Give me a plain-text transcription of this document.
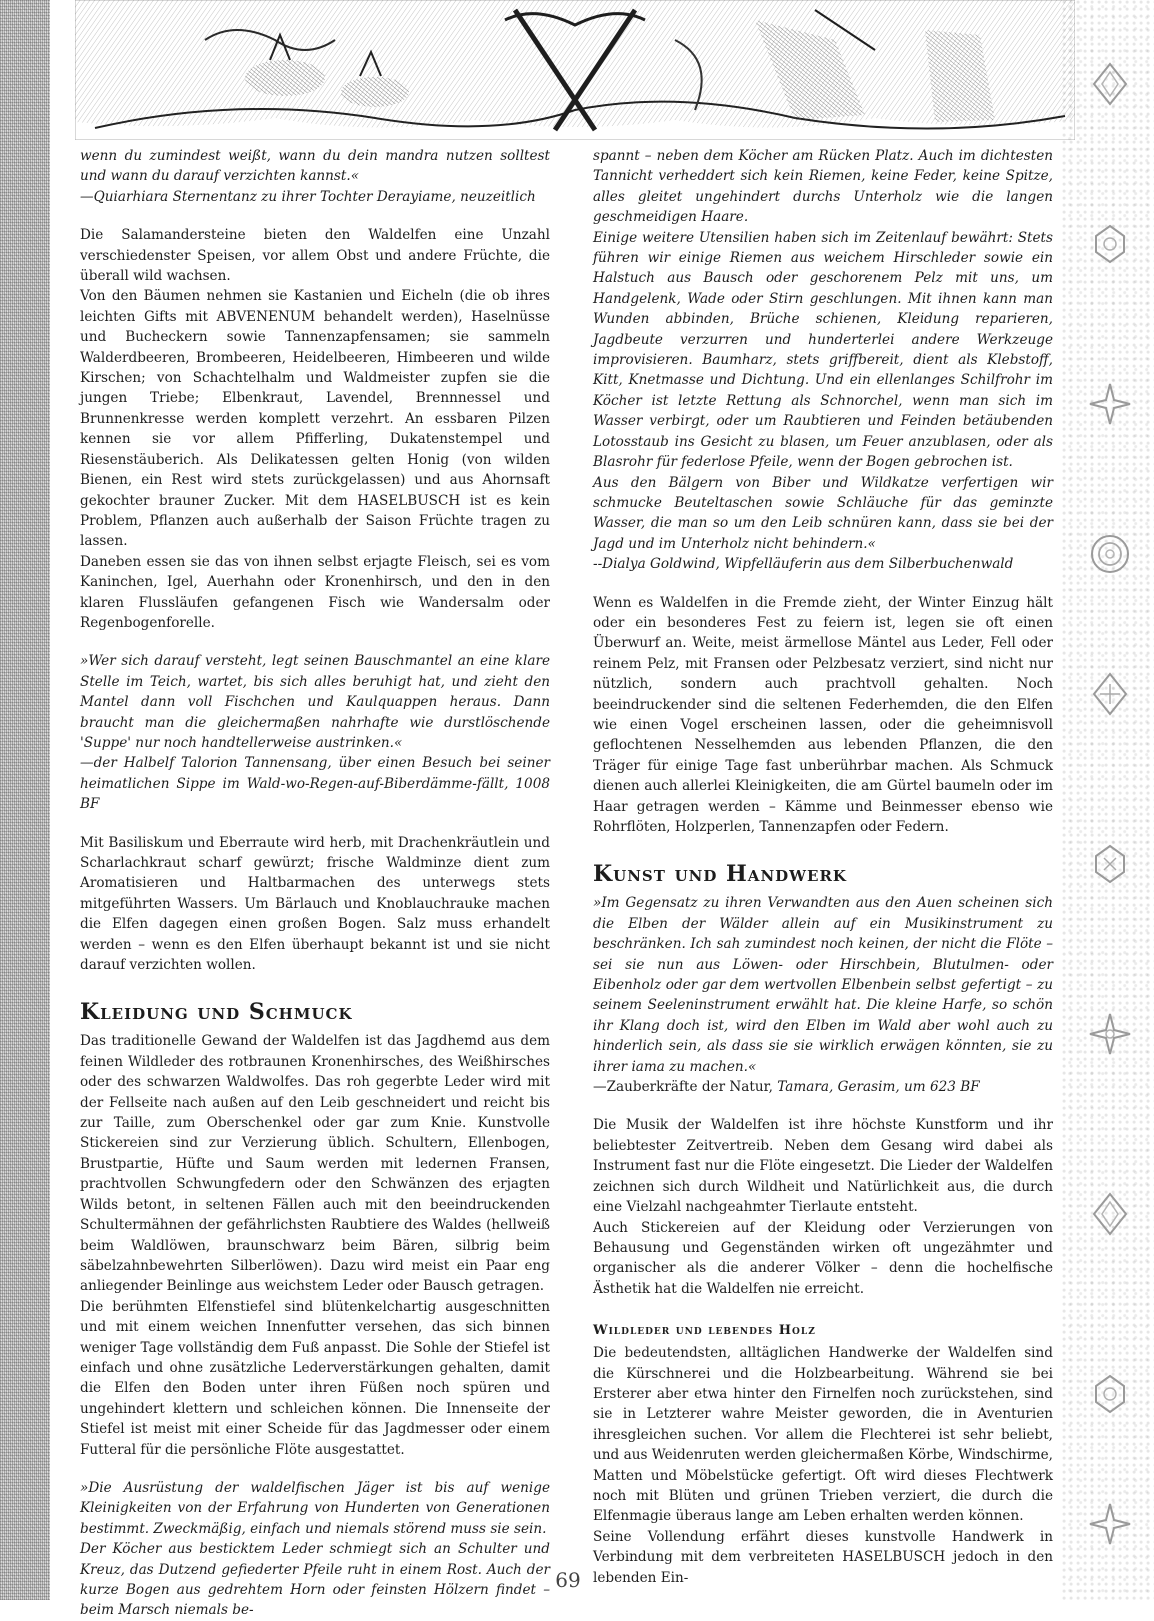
wenn du zumindest weißt, wann du dein mandra nutzen solltest und wann du darauf verzichten kannst.«

—Quiarhiara Sternentanz zu ihrer Tochter Derayiame, neuzeitlich

Die Salamandersteine bieten den Waldelfen eine Unzahl verschiedenster Speisen, vor allem Obst und andere Früchte, die überall wild wachsen.

Von den Bäumen nehmen sie Kastanien und Eicheln (die ob ihres leichten Gifts mit ABVENENUM behandelt werden), Haselnüsse und Bucheckern sowie Tannenzapfensamen; sie sammeln Walderdbeeren, Brombeeren, Heidelbeeren, Himbeeren und wilde Kirschen; von Schachtelhalm und Waldmeister zupfen sie die jungen Triebe; Elbenkraut, Lavendel, Brennnessel und Brunnenkresse werden komplett verzehrt. An essbaren Pilzen kennen sie vor allem Pfifferling, Dukatenstempel und Riesenstäuberich. Als Delikatessen gelten Honig (von wilden Bienen, ein Rest wird stets zurückgelassen) und aus Ahornsaft gekochter brauner Zucker. Mit dem HASELBUSCH ist es kein Problem, Pflanzen auch außerhalb der Saison Früchte tragen zu lassen.

Daneben essen sie das von ihnen selbst erjagte Fleisch, sei es vom Kaninchen, Igel, Auerhahn oder Kronenhirsch, und den in den klaren Flussläufen gefangenen Fisch wie Wandersalm oder Regenbogenforelle.

»Wer sich darauf versteht, legt seinen Bauschmantel an eine klare Stelle im Teich, wartet, bis sich alles beruhigt hat, und zieht den Mantel dann voll Fischchen und Kaulquappen heraus. Dann braucht man die gleichermaßen nahrhafte wie durstlöschende 'Suppe' nur noch handtellerweise austrinken.«

—der Halbelf Talorion Tannensang, über einen Besuch bei seiner heimatlichen Sippe im Wald-wo-Regen-auf-Biberdämme-fällt, 1008 BF

Mit Basiliskum und Eberraute wird herb, mit Drachenkräutlein und Scharlachkraut scharf gewürzt; frische Waldminze dient zum Aromatisieren und Haltbarmachen des unterwegs stets mitgeführten Wassers. Um Bärlauch und Knoblauchrauke machen die Elfen dagegen einen großen Bogen. Salz muss erhandelt werden – wenn es den Elfen überhaupt bekannt ist und sie nicht darauf verzichten wollen.

Kleidung und Schmuck

Das traditionelle Gewand der Waldelfen ist das Jagdhemd aus dem feinen Wildleder des rotbraunen Kronenhirsches, des Weißhirsches oder des schwarzen Waldwolfes. Das roh gegerbte Leder wird mit der Fellseite nach außen auf den Leib geschneidert und reicht bis zur Taille, zum Oberschenkel oder gar zum Knie. Kunstvolle Stickereien sind zur Verzierung üblich. Schultern, Ellenbogen, Brustpartie, Hüfte und Saum werden mit ledernen Fransen, prachtvollen Schwungfedern oder den Schwänzen des erjagten Wilds betont, in seltenen Fällen auch mit den beeindruckenden Schultermähnen der gefährlichsten Raubtiere des Waldes (hellweiß beim Waldlöwen, braunschwarz beim Bären, silbrig beim säbelzahnbewehrten Silberlöwen). Dazu wird meist ein Paar eng anliegender Beinlinge aus weichstem Leder oder Bausch getragen.

Die berühmten Elfenstiefel sind blütenkelchartig ausgeschnitten und mit einem weichen Innenfutter versehen, das sich binnen weniger Tage vollständig dem Fuß anpasst. Die Sohle der Stiefel ist einfach und ohne zusätzliche Lederverstärkungen gehalten, damit die Elfen den Boden unter ihren Füßen noch spüren und ungehindert klettern und schleichen können. Die Innenseite der Stiefel ist meist mit einer Scheide für das Jagdmesser oder einem Futteral für die persönliche Flöte ausgestattet.

»Die Ausrüstung der waldelfischen Jäger ist bis auf wenige Kleinigkeiten von der Erfahrung von Hunderten von Generationen bestimmt. Zweckmäßig, einfach und niemals störend muss sie sein.

Der Köcher aus besticktem Leder schmiegt sich an Schulter und Kreuz, das Dutzend gefiederter Pfeile ruht in einem Rost. Auch der kurze Bogen aus gedrehtem Horn oder feinsten Hölzern findet – beim Marsch niemals be-

spannt – neben dem Köcher am Rücken Platz. Auch im dichtesten Tannicht verheddert sich kein Riemen, keine Feder, keine Spitze, alles gleitet ungehindert durchs Unterholz wie die langen geschmeidigen Haare.

Einige weitere Utensilien haben sich im Zeitenlauf bewährt: Stets führen wir einige Riemen aus weichem Hirschleder sowie ein Halstuch aus Bausch oder geschorenem Pelz mit uns, um Handgelenk, Wade oder Stirn geschlungen. Mit ihnen kann man Wunden abbinden, Brüche schienen, Kleidung reparieren, Jagdbeute verzurren und hunderterlei andere Werkzeuge improvisieren. Baumharz, stets griffbereit, dient als Klebstoff, Kitt, Knetmasse und Dichtung. Und ein ellenlanges Schilfrohr im Köcher ist letzte Rettung als Schnorchel, wenn man sich im Wasser verbirgt, oder um Raubtieren und Feinden betäubenden Lotosstaub ins Gesicht zu blasen, um Feuer anzublasen, oder als Blasrohr für federlose Pfeile, wenn der Bogen gebrochen ist.

Aus den Bälgern von Biber und Wildkatze verfertigen wir schmucke Beuteltaschen sowie Schläuche für das geminzte Wasser, die man so um den Leib schnüren kann, dass sie bei der Jagd und im Unterholz nicht behindern.«

--Dialya Goldwind, Wipfelläuferin aus dem Silberbuchenwald

Wenn es Waldelfen in die Fremde zieht, der Winter Einzug hält oder ein besonderes Fest zu feiern ist, legen sie oft einen Überwurf an. Weite, meist ärmellose Mäntel aus Leder, Fell oder reinem Pelz, mit Fransen oder Pelzbesatz verziert, sind nicht nur nützlich, sondern auch prachtvoll gehalten. Noch beeindruckender sind die seltenen Federhemden, die den Elfen wie einen Vogel erscheinen lassen, oder die geheimnisvoll geflochtenen Nesselhemden aus lebenden Pflanzen, die den Träger für einige Tage fast unberührbar machen. Als Schmuck dienen auch allerlei Kleinigkeiten, die am Gürtel baumeln oder im Haar getragen werden – Kämme und Beinmesser ebenso wie Rohrflöten, Holzperlen, Tannenzapfen oder Federn.

Kunst und Handwerk

»Im Gegensatz zu ihren Verwandten aus den Auen scheinen sich die Elben der Wälder allein auf ein Musikinstrument zu beschränken. Ich sah zumindest noch keinen, der nicht die Flöte – sei sie nun aus Löwen- oder Hirschbein, Blutulmen- oder Eibenholz oder gar dem wertvollen Elbenbein selbst gefertigt – zu seinem Seeleninstrument erwählt hat. Die kleine Harfe, so schön ihr Klang doch ist, wird den Elben im Wald aber wohl auch zu hinderlich sein, als dass sie sie wirklich erwägen könnten, sie zu ihrer iama zu machen.«

—Zauberkräfte der Natur, Tamara, Gerasim, um 623 BF

Die Musik der Waldelfen ist ihre höchste Kunstform und ihr beliebtester Zeitvertreib. Neben dem Gesang wird dabei als Instrument fast nur die Flöte eingesetzt. Die Lieder der Waldelfen zeichnen sich durch Wildheit und Natürlichkeit aus, die durch eine Vielzahl nachgeahmter Tierlaute entsteht.

Auch Stickereien auf der Kleidung oder Verzierungen von Behausung und Gegenständen wirken oft ungezähmter und organischer als die anderer Völker – denn die hochelfische Ästhetik hat die Waldelfen nie erreicht.

Wildleder und lebendes Holz

Die bedeutendsten, alltäglichen Handwerke der Waldelfen sind die Kürschnerei und die Holzbearbeitung. Während sie bei Ersterer aber etwa hinter den Firnelfen noch zurückstehen, sind sie in Letzterer wahre Meister geworden, die in Aventurien ihresgleichen suchen. Vor allem die Flechterei ist sehr beliebt, und aus Weidenruten werden gleichermaßen Körbe, Windschirme, Matten und Möbelstücke gefertigt. Oft wird dieses Flechtwerk noch mit Blüten und grünen Trieben verziert, die durch die Elfenmagie überaus lange am Leben erhalten werden können.

Seine Vollendung erfährt dieses kunstvolle Handwerk in Verbindung mit dem verbreiteten HASELBUSCH jedoch in den lebenden Ein-

69
